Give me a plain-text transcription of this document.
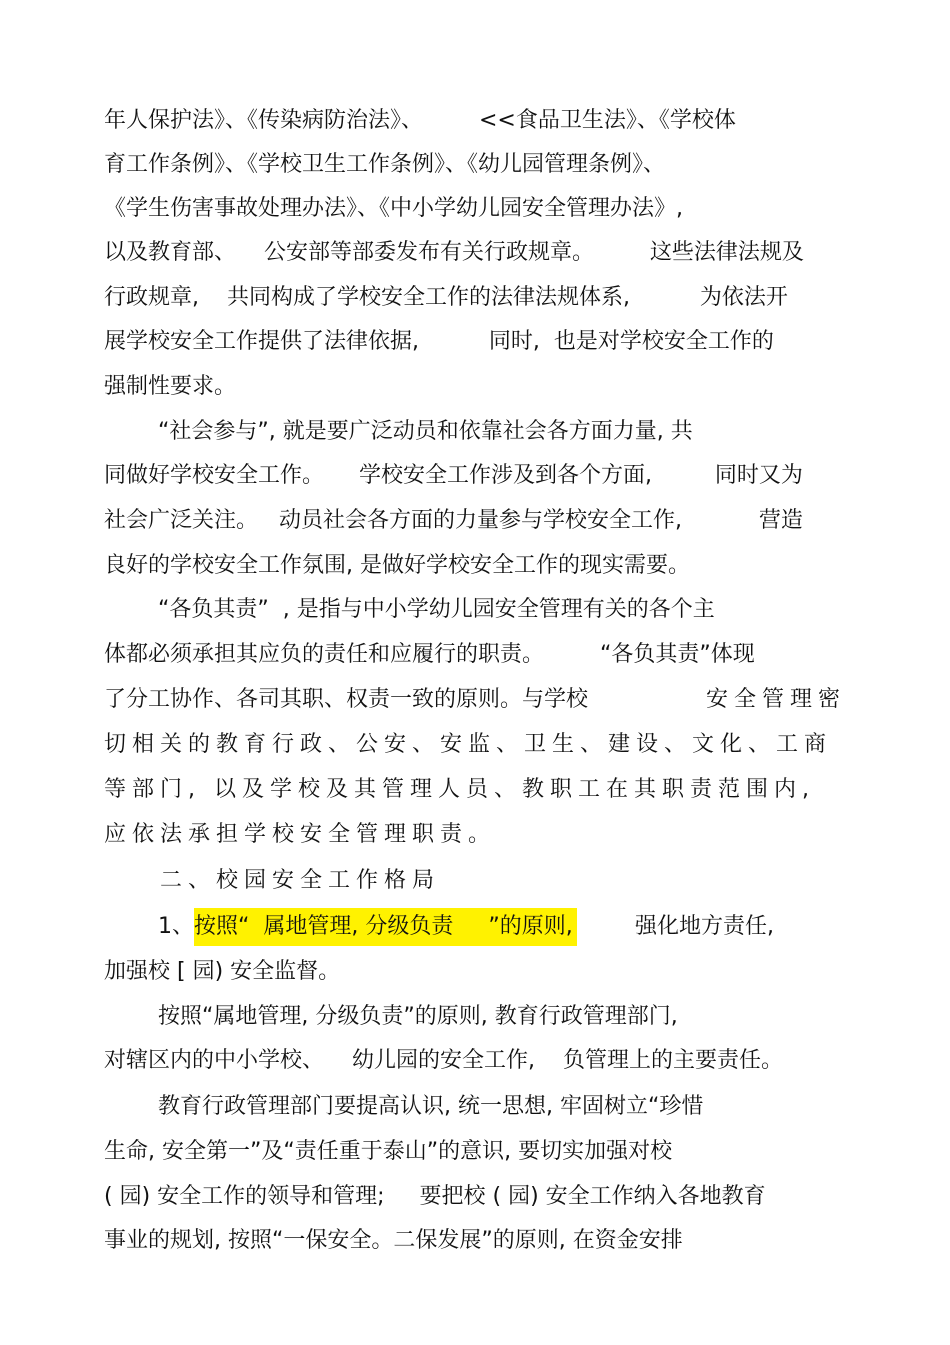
年人保护法》、《传染病防治法》、        <<食品卫生法》、《学校体
育工作条例》、《学校卫生工作条例》、《幼儿园管理条例》、
《学生伤害事故处理办法》、《中小学幼儿园安全管理办法》,
以及教育部、    公安部等部委发布有关行政规章。        这些法律法规及
行政规章,    共同构成了学校安全工作的法律法规体系,          为依法开
展学校安全工作提供了法律依据,          同时,  也是对学校安全工作的
强制性要求。
“社会参与”, 就是要广泛动员和依靠社会各方面力量, 共
同做好学校安全工作。     学校安全工作涉及到各个方面,         同时又为
社会广泛关注。   动员社会各方面的力量参与学校安全工作,           营造
良好的学校安全工作氛围, 是做好学校安全工作的现实需要。
“各负其责”  , 是指与中小学幼儿园安全管理有关的各个主
体都必须承担其应负的责任和应履行的职责。        “各负其责”体现
了分工协作、各司其职、权责一致的原则。与学校	安全管理密
切相关的教育行政、公安、安监、卫生、建设、文化、工商
等部门, 以及学校及其管理人员、教职工在其职责范围内,
应依法承担学校安全管理职责。
二、校园安全工作格局
1、 按照“  属地管理, 分级负责     ”的原则,	强化地方责任,
加强校 [ 园) 安全监督。
按照“属地管理, 分级负责”的原则, 教育行政管理部门,
对辖区内的中小学校、    幼儿园的安全工作,    负管理上的主要责任。
教育行政管理部门要提高认识, 统一思想, 牢固树立“珍惜
生命, 安全第一”及“责任重于泰山”的意识, 要切实加强对校
( 园) 安全工作的领导和管理;     要把校 ( 园) 安全工作纳入各地教育
事业的规划, 按照“一保安全。二保发展”的原则, 在资金安排
